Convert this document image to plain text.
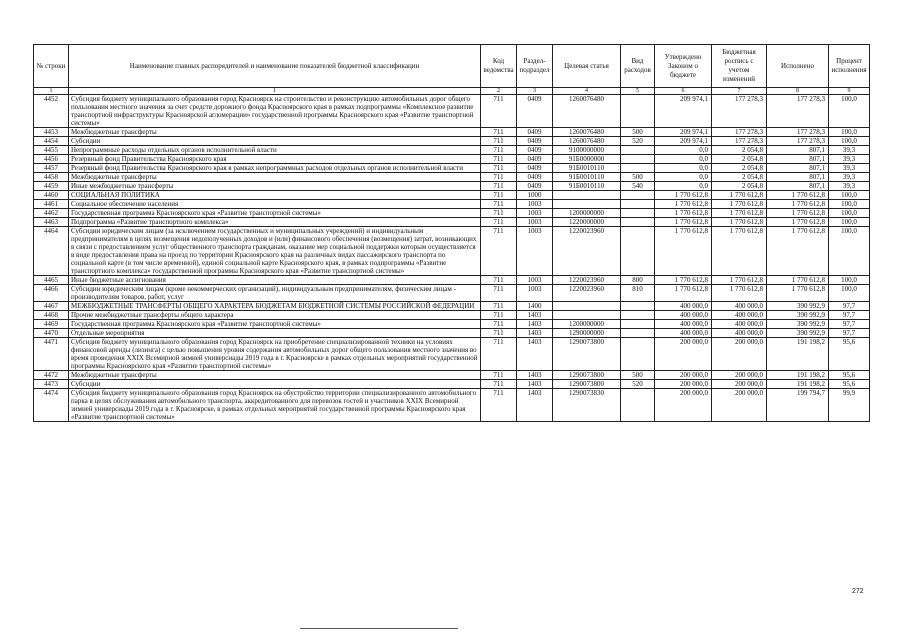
№ строки	Наименование главных распорядителей и наименование показателей бюджетной классификации	Код ведомства	Раздел-подраздел	Целевая статья	Вид расходов	Утверждено Законом о бюджете	Бюджетная роспись с учетом изменений	Исполнено	Процент исполнения
1	1	2	3	4	5	6	7	8	9
4452	Субсидия бюджету муниципального образования город Красноярск на строительство и реконструкцию автомобильных дорог общего пользования местного значения за счет средств дорожного фонда Красноярского края в рамках подпрограммы «Комплексное развитие транспортной инфраструктуры Красноярской агломерации» государственной программы Красноярского края «Развитие транспортной системы»	711	0409	1260076480		209 974,1	177 278,3	177 278,3	100,0
4453	Межбюджетные трансферты	711	0409	1260076480	500	209 974,1	177 278,3	177 278,3	100,0
4454	Субсидии	711	0409	1260076480	520	209 974,1	177 278,3	177 278,3	100,0
4455	Непрограммные расходы отдельных органов исполнительной власти	711	0409	9100000000		0,0	2 054,8	807,1	39,3
4456	Резервный фонд Правительства Красноярского края	711	0409	91Б0000000		0,0	2 054,8	807,1	39,3
4457	Резервный фонд Правительства Красноярского края в рамках непрограммных расходов отдельных органов исполнительной власти	711	0409	91Б0010110		0,0	2 054,8	807,1	39,3
4458	Межбюджетные трансферты	711	0409	91Б0010110	500	0,0	2 054,8	807,1	39,3
4459	Иные межбюджетные трансферты	711	0409	91Б0010110	540	0,0	2 054,8	807,1	39,3
4460	СОЦИАЛЬНАЯ ПОЛИТИКА	711	1000			1 770 612,8	1 770 612,8	1 770 612,8	100,0
4461	Социальное обеспечение населения	711	1003			1 770 612,8	1 770 612,8	1 770 612,8	100,0
4462	Государственная программа Красноярского края «Развитие транспортной системы»	711	1003	1200000000		1 770 612,8	1 770 612,8	1 770 612,8	100,0
4463	Подпрограмма «Развитие транспортного комплекса»	711	1003	1220000000		1 770 612,8	1 770 612,8	1 770 612,8	100,0
4464	Субсидии юридическим лицам (за исключением государственных и муниципальных учреждений) и индивидуальным предпринимателям в целях возмещения недополученных доходов и (или) финансового обеспечения (возмещения) затрат, возникающих в связи с предоставлением услуг общественного транспорта гражданам, оказание мер социальной поддержки которым осуществляется в виде предоставления права на проезд по территории Красноярского края на различных видах пассажирского транспорта по социальной карте (в том числе временной), единой социальной карте Красноярского края, в рамках подпрограммы «Развитие транспортного комплекса» государственной программы Красноярского края «Развитие транспортной системы»	711	1003	1220023960		1 770 612,8	1 770 612,8	1 770 612,8	100,0
4465	Иные бюджетные ассигнования	711	1003	1220023960	800	1 770 612,8	1 770 612,8	1 770 612,8	100,0
4466	Субсидии юридическим лицам (кроме некоммерческих организаций), индивидуальным предпринимателям, физическим лицам - производителям товаров, работ, услуг	711	1003	1220023960	810	1 770 612,8	1 770 612,8	1 770 612,8	100,0
4467	МЕЖБЮДЖЕТНЫЕ ТРАНСФЕРТЫ ОБЩЕГО ХАРАКТЕРА БЮДЖЕТАМ БЮДЖЕТНОЙ СИСТЕМЫ РОССИЙСКОЙ ФЕДЕРАЦИИ	711	1400			400 000,0	400 000,0	390 992,9	97,7
4468	Прочие межбюджетные трансферты общего характера	711	1403			400 000,0	400 000,0	390 992,9	97,7
4469	Государственная программа Красноярского края «Развитие транспортной системы»	711	1403	1200000000		400 000,0	400 000,0	390 992,9	97,7
4470	Отдельные мероприятия	711	1403	1290000000		400 000,0	400 000,0	390 992,9	97,7
4471	Субсидия бюджету муниципального образования город Красноярск на приобретение специализированной техники на условиях финансовой аренды (лизинга) с целью повышения уровня содержания автомобильных дорог общего пользования местного значения во время проведения XXIX Всемирной зимней универсиады 2019 года в г. Красноярске в рамках отдельных мероприятий государственной программы Красноярского края «Развитие транспортной системы»	711	1403	1290073800		200 000,0	200 000,0	191 198,2	95,6
4472	Межбюджетные трансферты	711	1403	1290073800	500	200 000,0	200 000,0	191 198,2	95,6
4473	Субсидии	711	1403	1290073800	520	200 000,0	200 000,0	191 198,2	95,6
4474	Субсидия бюджету муниципального образования город Красноярск на обустройство территории специализированного автомобильного парка в целях обслуживания автомобильного транспорта, аккредитованного для перевозок гостей и участников XXIX Всемирной зимней универсиады 2019 года в г. Красноярске, в рамках отдельных мероприятий государственной программы Красноярского края «Развитие транспортной системы»	711	1403	1290073830		200 000,0	200 000,0	199 794,7	99,9
272
